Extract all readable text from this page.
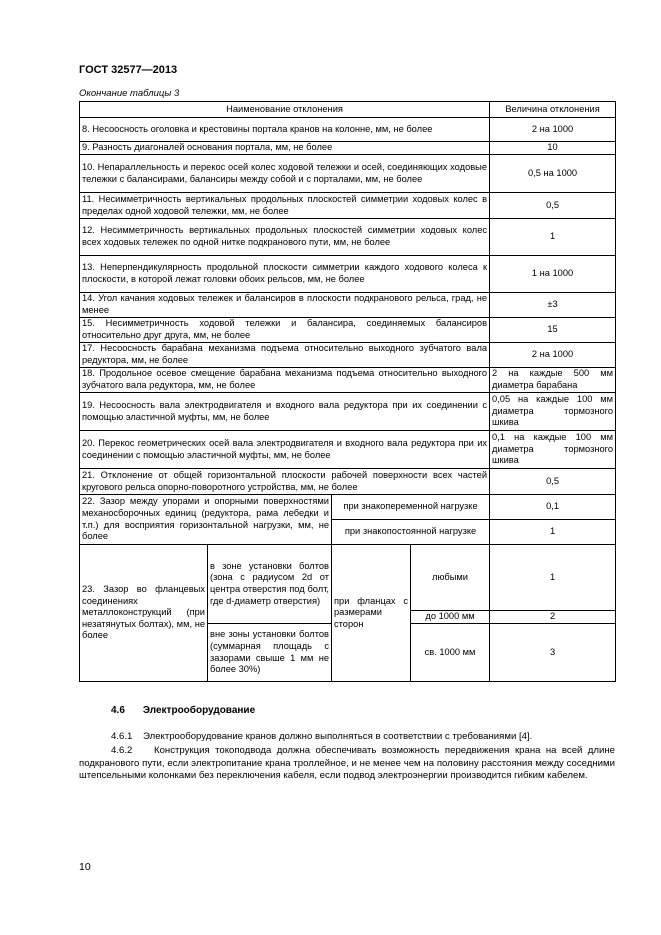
ГОСТ 32577—2013
Окончание таблицы 3
Наименование отклонения				Величина отклонения
8. Несоосность оголовка и крестовины портала кранов на колонне, мм, не более				2 на 1000
9. Разность диагоналей основания портала, мм, не более				10
10. Непараллельность и перекос осей колес ходовой тележки и осей, соединяющих ходовые тележки с балансирами, балансиры между собой и с порталами, мм, не более				0,5 на 1000
11. Несимметричность вертикальных продольных плоскостей симметрии ходовых колес в пределах одной ходовой тележки, мм, не более				0,5
12. Несимметричность вертикальных продольных плоскостей симметрии ходовых колес всех ходовых тележек по одной нитке подкранового пути, мм, не более				1
13. Неперпендикулярность продольной плоскости симметрии каждого ходового колеса к плоскости, в которой лежат головки обоих рельсов, мм, не более				1 на 1000
14. Угол качания ходовых тележек и балансиров в плоскости подкранового рельса, град, не менее				±3
15. Несимметричность ходовой тележки и балансира, соединяемых балансиров относительно друг друга, мм, не более				15
17. Несоосность барабана механизма подъема относительно выходного зубчатого вала редуктора, мм, не более				2 на 1000
18. Продольное осевое смещение барабана механизма подъема относительно выходного зубчатого вала редуктора, мм, не более				2 на каждые 500 мм диаметра барабана
19. Несоосность вала электродвигателя и входного вала редуктора при их соединении с помощью эластичной муфты, мм, не более				0,05 на каждые 100 мм диаметра тормозного шкива
20. Перекос геометрических осей вала электродвигателя и входного вала редуктора при их соединении с помощью эластичной муфты, мм, не более				0,1 на каждые 100 мм диаметра тормозного шкива
21. Отклонение от общей горизонтальной плоскости рабочей поверхности всех частей кругового рельса опорно-поворотного устройства, мм, не более				0,5
22. Зазор между упорами и опорными поверхностями механосборочных единиц (редуктора, рама лебедки и т.п.) для восприятия горизонтальной нагрузки, мм, не более		при знакопеременной нагрузке		0,1
		при знакопостоянной нагрузке		1
23. Зазор во фланцевых соединениях металлоконструкций (при незатянутых болтах), мм, не более	в зоне установки болтов (зона с радиусом 2d от центра отверстия под болт, где d-диаметр отверстия)	при фланцах с размерами сторон	любыми	1
			до 1000 мм	2
	вне зоны установки болтов (суммарная площадь с зазорами свыше 1 мм не более 30%)		св. 1000 мм	3
4.6 Электрооборудование
4.6.1 Электрооборудование кранов должно выполняться в соответствии с требованиями [4].
4.6.2 Конструкция токоподвода должна обеспечивать возможность передвижения крана на всей длине подкранового пути, если электропитание крана троллейное, и не менее чем на половину расстояния между соседними штепсельными колонками без переключения кабеля, если подвод электроэнергии производится гибким кабелем.
10
